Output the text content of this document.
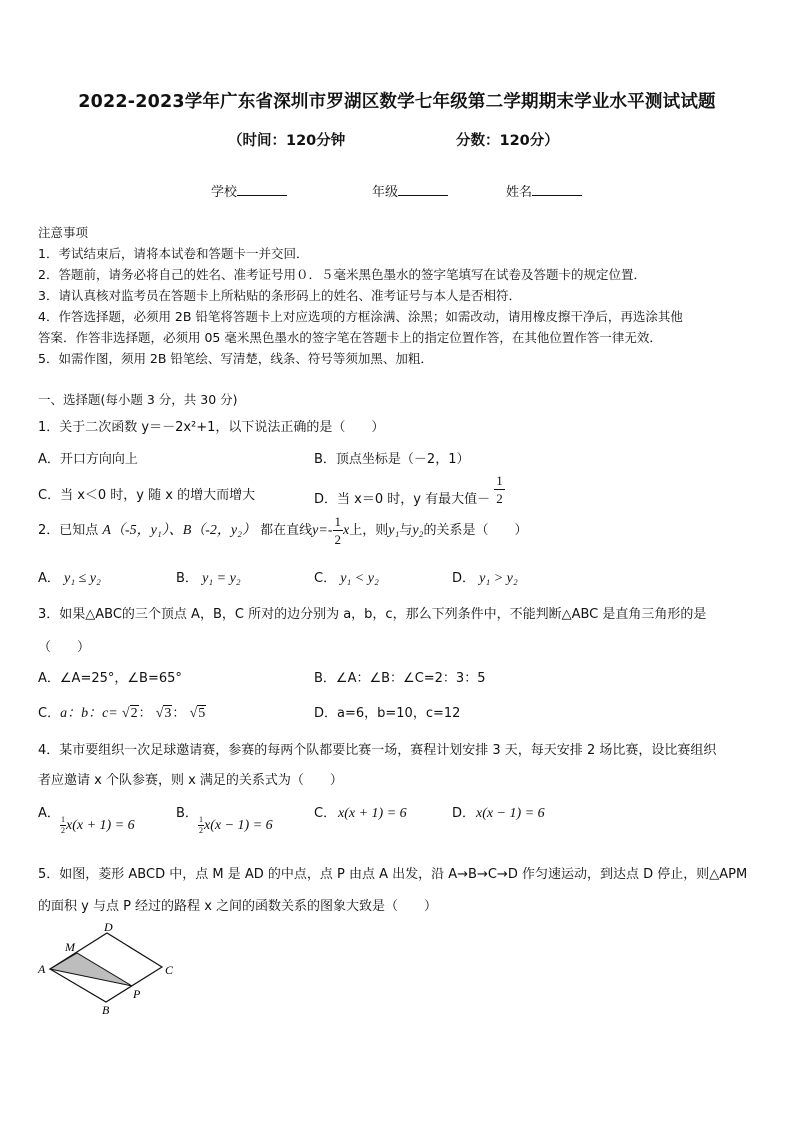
2022-2023学年广东省深圳市罗湖区数学七年级第二学期期末学业水平测试试题
（时间：120分钟	分数：120分）
学校	年级	姓名
注意事项
1．考试结束后，请将本试卷和答题卡一并交回．
2．答题前，请务必将自己的姓名、准考证号用０．５毫米黑色墨水的签字笔填写在试卷及答题卡的规定位置．
3．请认真核对监考员在答题卡上所粘贴的条形码上的姓名、准考证号与本人是否相符．
4．作答选择题，必须用 2B 铅笔将答题卡上对应选项的方框涂满、涂黑；如需改动，请用橡皮擦干净后，再选涂其他
答案．作答非选择题，必须用 05 毫米黑色墨水的签字笔在答题卡上的指定位置作答，在其他位置作答一律无效．
5．如需作图，须用 2B 铅笔绘、写清楚，线条、符号等须加黑、加粗．
一、选择题(每小题 3 分，共 30 分)
1．关于二次函数 y＝－2x²+1，以下说法正确的是（　　）
A．开口方向向上	B．顶点坐标是（－2，1）
C．当 x＜0 时，y 随 x 的增大而增大	D．当 x＝0 时，y 有最大值－ $\frac{1}{2}$
2．已知点 A（-5，y₁）、B（-2，y₂） 都在直线$y=- \frac{1}{2}$ x上，则y₁与y₂的关系是（　　）
A． y₁ ≤ y₂	B． y₁ = y₂	C． y₁ < y₂	D． y₁ > y₂
3．如果△ABC的三个顶点 A，B，C 所对的边分别为 a，b，c，那么下列条件中，不能判断△ABC 是直角三角形的是
（　　）
A．∠A=25°，∠B=65°	B．∠A：∠B：∠C=2：3：5
C．a：b：c= √2： √3： √5	D．a=6，b=10，c=12
4．某市要组织一次足球邀请赛，参赛的每两个队都要比赛一场，赛程计划安排 3 天，每天安排 2 场比赛，设比赛组织
者应邀请 x 个队参赛，则 x 满足的关系式为（　　）
A．
$\frac{1}{2} x(x + 1) = 6$
B．
$\frac{1}{2} x(x - 1) = 6$
C． x(x + 1) = 6	D． x(x − 1) = 6
5．如图，菱形 ABCD 中，点 M 是 AD 的中点，点 P 由点 A 出发，沿 A→B→C→D 作匀速运动，到达点 D 停止，则△APM
的面积 y 与点 P 经过的路程 x 之间的函数关系的图象大致是（　　）
D
M
A	C
P
B
